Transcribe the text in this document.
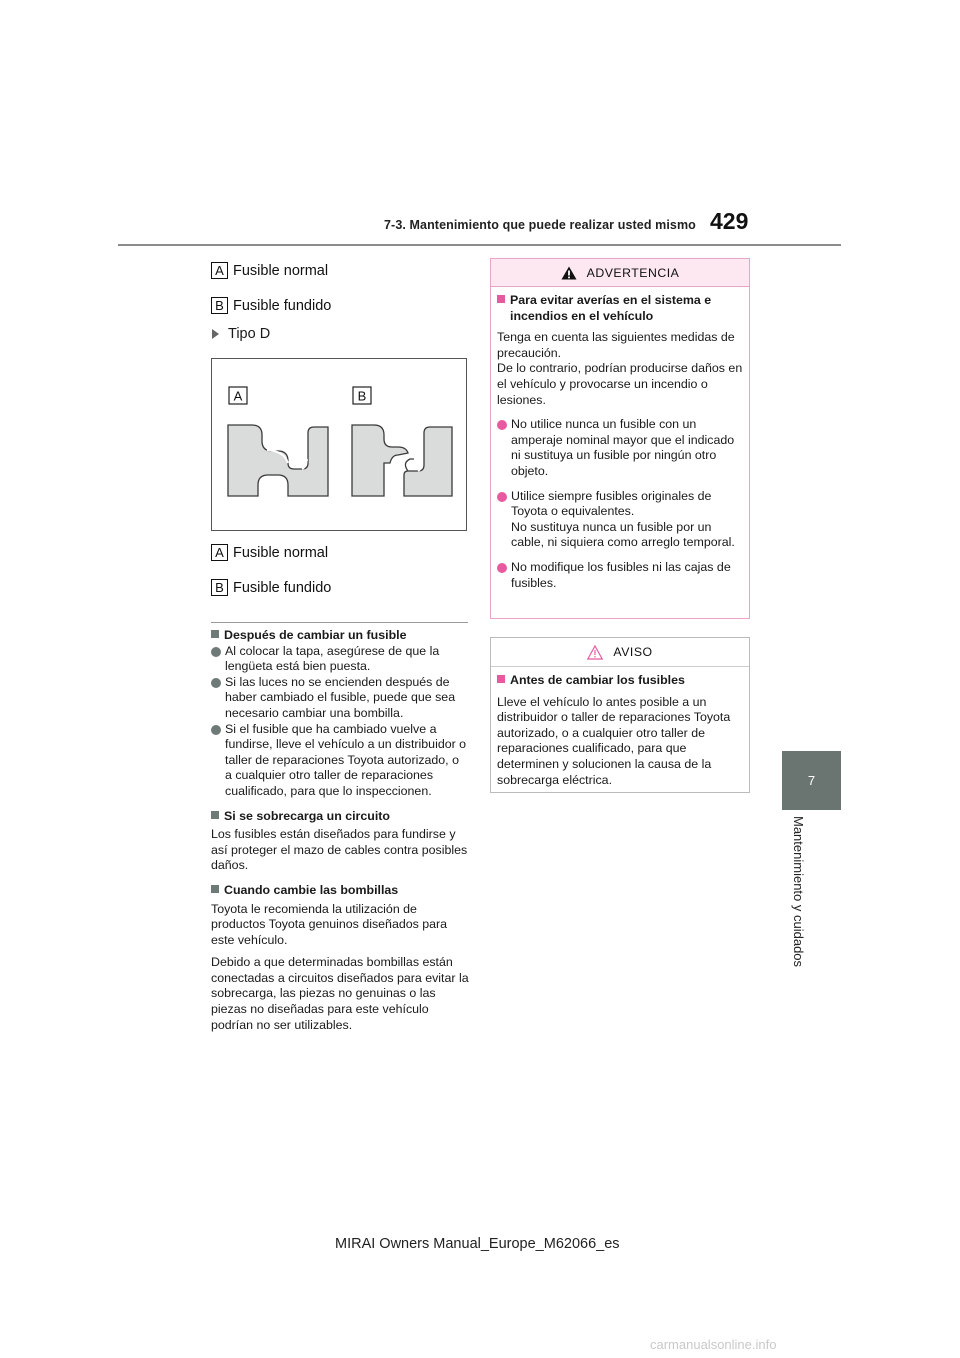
7-3. Mantenimiento que puede realizar usted mismo 429
7
Mantenimiento y cuidados
A Fusible normal
B Fusible fundido
Tipo D
A	B
A Fusible normal
B Fusible fundido

Después de cambiar un fusible

Al colocar la tapa, asegúrese de que la lengüeta está bien puesta.

Si las luces no se encienden después de haber cambiado el fusible, puede que sea necesario cambiar una bombilla.

Si el fusible que ha cambiado vuelve a fundirse, lleve el vehículo a un distribuidor o taller de reparaciones Toyota autorizado, o a cualquier otro taller de reparaciones cualificado, para que lo inspeccionen.

Si se sobrecarga un circuito

Los fusibles están diseñados para fundirse y así proteger el mazo de cables contra posibles daños.

Cuando cambie las bombillas

Toyota le recomienda la utilización de productos Toyota genuinos diseñados para este vehículo.

Debido a que determinadas bombillas están conectadas a circuitos diseñados para evitar la sobrecarga, las piezas no genuinas o las piezas no diseñadas para este vehículo podrían no ser utilizables.

ADVERTENCIA

Para evitar averías en el sistema e incendios en el vehículo

Tenga en cuenta las siguientes medidas de precaución.

De lo contrario, podrían producirse daños en el vehículo y provocarse un incendio o lesiones.

No utilice nunca un fusible con un amperaje nominal mayor que el indicado ni sustituya un fusible por ningún otro objeto.

Utilice siempre fusibles originales de Toyota o equivalentes.
No sustituya nunca un fusible por un cable, ni siquiera como arreglo temporal.

No modifique los fusibles ni las cajas de fusibles.

AVISO

Antes de cambiar los fusibles

Lleve el vehículo lo antes posible a un distribuidor o taller de reparaciones Toyota autorizado, o a cualquier otro taller de reparaciones cualificado, para que determinen y solucionen la causa de la sobrecarga eléctrica.

MIRAI Owners Manual_Europe_M62066_es
carmanualsonline.info
